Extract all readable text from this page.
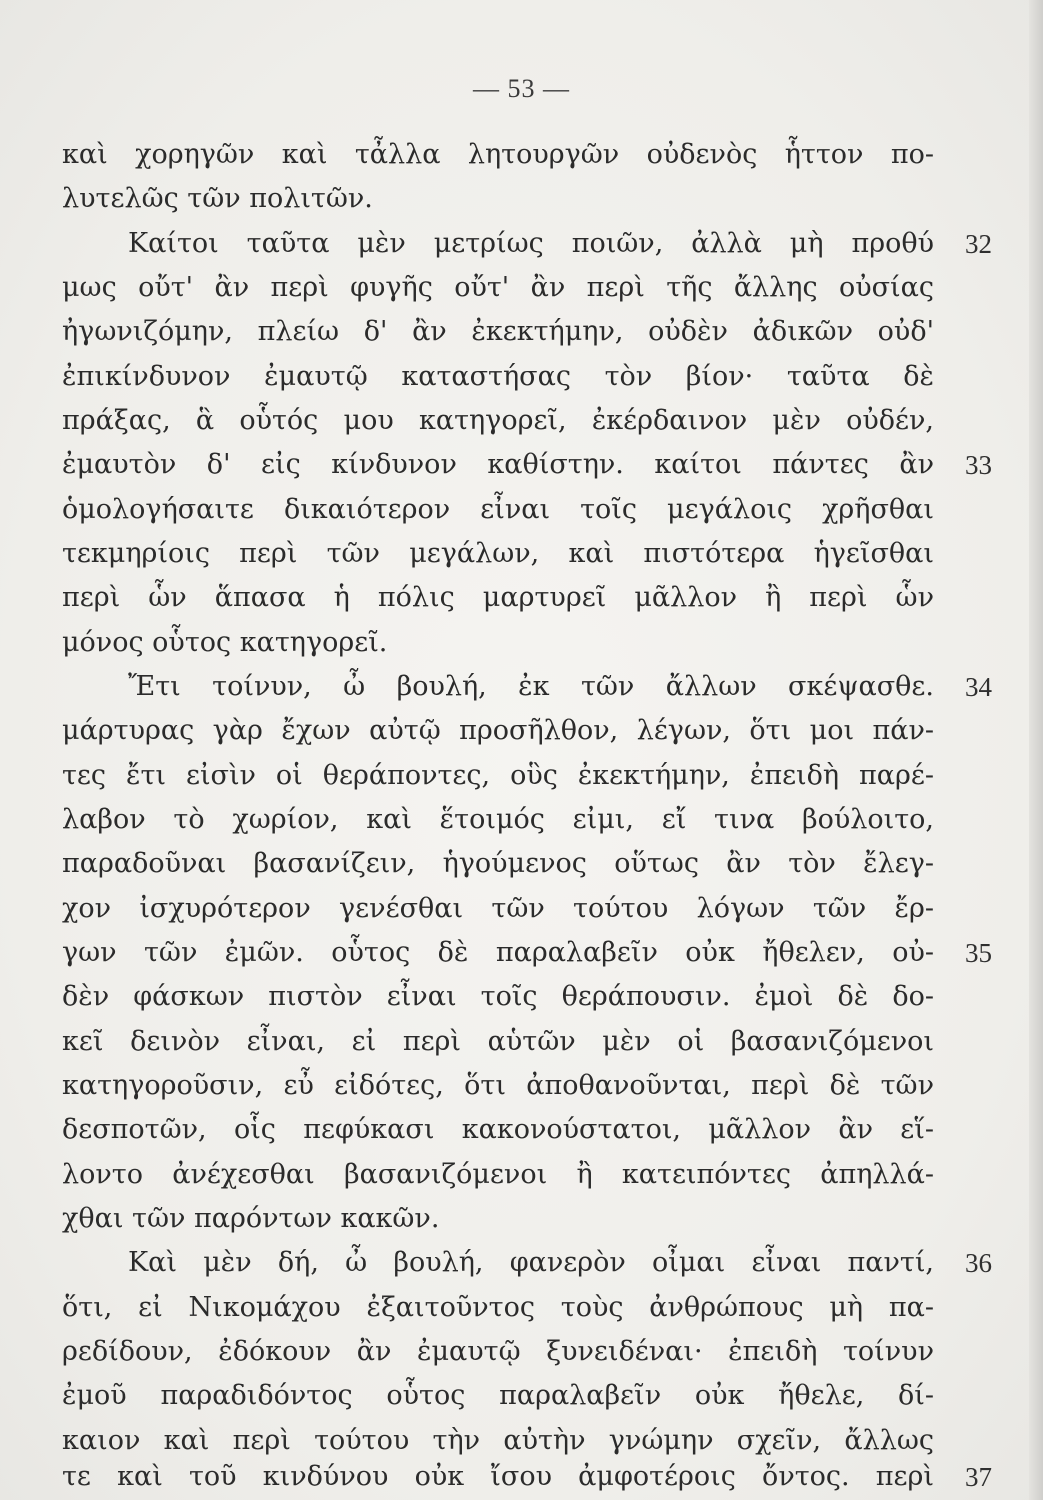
— 53 —
καὶ χορηγῶν καὶ τἆλλα λητουργῶν οὐδενὸς ἧττον πο-
λυτελῶς τῶν πολιτῶν.
Καίτοι ταῦτα μὲν μετρίως ποιῶν, ἀλλὰ μὴ προθύ
μως οὔτ' ἂν περὶ φυγῆς οὔτ' ἂν περὶ τῆς ἄλλης οὐσίας
ἠγωνιζόμην, πλείω δ' ἂν ἐκεκτήμην, οὐδὲν ἀδικῶν οὐδ'
ἐπικίνδυνον ἐμαυτῷ καταστήσας τὸν βίον· ταῦτα δὲ
πράξας, ἃ οὗτός μου κατηγορεῖ, ἐκέρδαινον μὲν οὐδέν,
ἐμαυτὸν δ' εἰς κίνδυνον καθίστην. καίτοι πάντες ἂν
ὁμολογήσαιτε δικαιότερον εἶναι τοῖς μεγάλοις χρῆσθαι
τεκμηρίοις περὶ τῶν μεγάλων, καὶ πιστότερα ἡγεῖσθαι
περὶ ὧν ἅπασα ἡ πόλις μαρτυρεῖ μᾶλλον ἢ περὶ ὧν
μόνος οὗτος κατηγορεῖ.
Ἔτι τοίνυν, ὦ βουλή, ἐκ τῶν ἄλλων σκέψασθε.
μάρτυρας γὰρ ἔχων αὐτῷ προσῆλθον, λέγων, ὅτι μοι πάν-
τες ἔτι εἰσὶν οἱ θεράποντες, οὓς ἐκεκτήμην, ἐπειδὴ παρέ-
λαβον τὸ χωρίον, καὶ ἕτοιμός εἰμι, εἴ τινα βούλοιτο,
παραδοῦναι βασανίζειν, ἡγούμενος οὕτως ἂν τὸν ἔλεγ-
χον ἰσχυρότερον γενέσθαι τῶν τούτου λόγων τῶν ἔρ-
γων τῶν ἐμῶν. οὗτος δὲ παραλαβεῖν οὐκ ἤθελεν, οὐ-
δὲν φάσκων πιστὸν εἶναι τοῖς θεράπουσιν. ἐμοὶ δὲ δο-
κεῖ δεινὸν εἶναι, εἰ περὶ αὑτῶν μὲν οἱ βασανιζόμενοι
κατηγοροῦσιν, εὖ εἰδότες, ὅτι ἀποθανοῦνται, περὶ δὲ τῶν
δεσποτῶν, οἷς πεφύκασι κακονούστατοι, μᾶλλον ἂν εἵ-
λοντο ἀνέχεσθαι βασανιζόμενοι ἢ κατειπόντες ἀπηλλά-
χθαι τῶν παρόντων κακῶν.
Καὶ μὲν δή, ὦ βουλή, φανερὸν οἶμαι εἶναι παντί,
ὅτι, εἰ Νικομάχου ἐξαιτοῦντος τοὺς ἀνθρώπους μὴ πα-
ρεδίδουν, ἐδόκουν ἂν ἐμαυτῷ ξυνειδέναι· ἐπειδὴ τοίνυν
ἐμοῦ παραδιδόντος οὗτος παραλαβεῖν οὐκ ἤθελε, δί-
καιον καὶ περὶ τούτου τὴν αὐτὴν γνώμην σχεῖν, ἄλλως
τε καὶ τοῦ κινδύνου οὐκ ἴσου ἀμφοτέροις ὄντος. περὶ
32
33
34
35
36
37
